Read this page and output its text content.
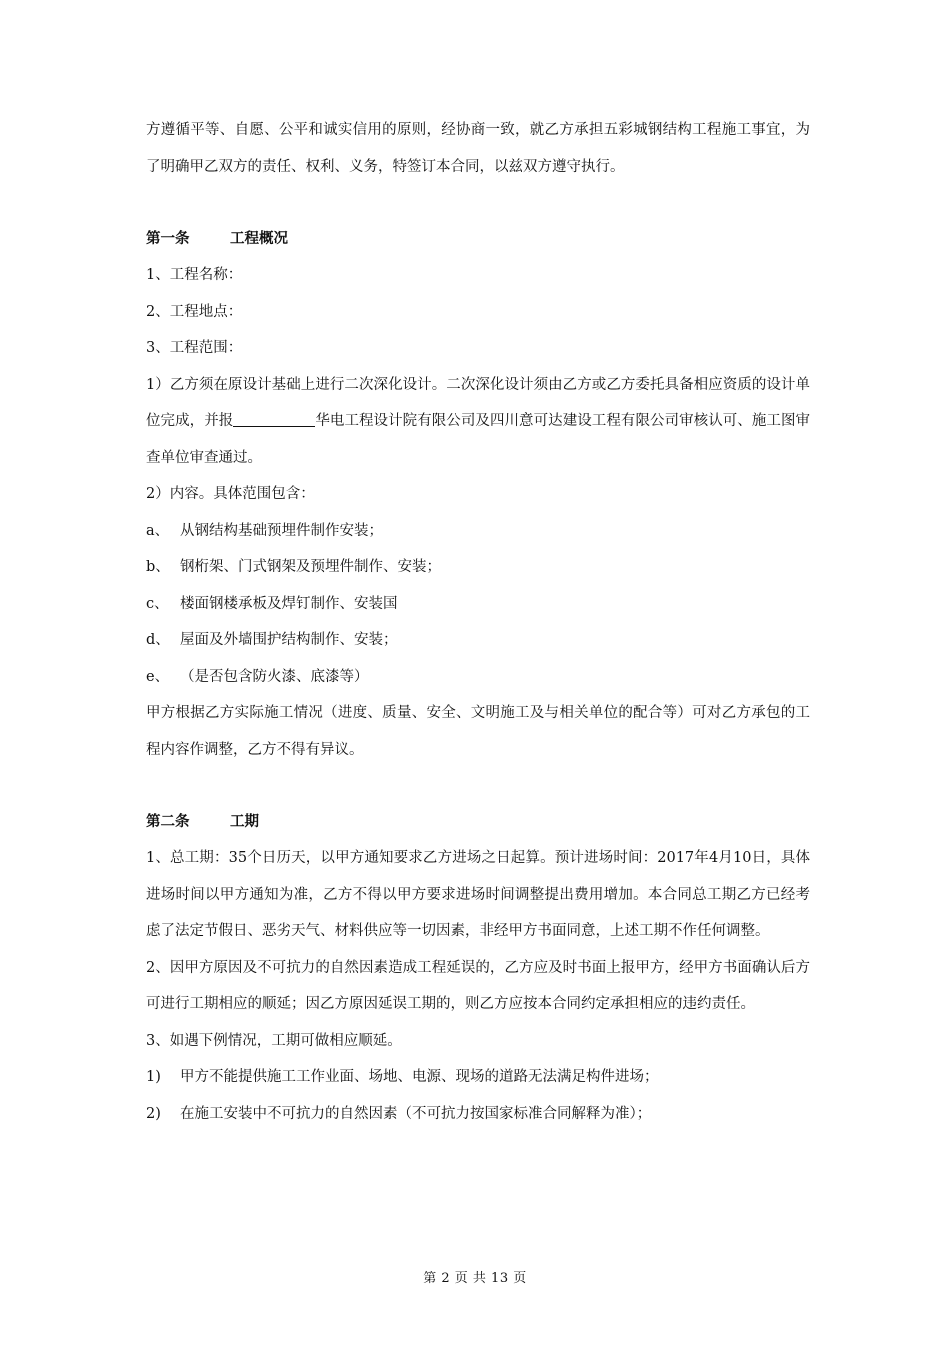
方遵循平等、自愿、公平和诚实信用的原则，经协商一致，就乙方承担五彩城钢结构工程施工事宜，为了明确甲乙双方的责任、权利、义务，特签订本合同，以兹双方遵守执行。

第一条	工程概况

1、工程名称：

2、工程地点：

3、工程范围：

1）乙方须在原设计基础上进行二次深化设计。二次深化设计须由乙方或乙方委托具备相应资质的设计单位完成，并报	华电工程设计院有限公司及四川意可达建设工程有限公司审核认可、施工图审查单位审查通过。

2）内容。具体范围包含：

a、 从钢结构基础预埋件制作安装；
b、 钢桁架、门式钢架及预埋件制作、安装；
c、 楼面钢楼承板及焊钉制作、安装国
d、 屋面及外墙围护结构制作、安装；
e、 （是否包含防火漆、底漆等）

甲方根据乙方实际施工情况（进度、质量、安全、文明施工及与相关单位的配合等）可对乙方承包的工程内容作调整，乙方不得有异议。

第二条	工期

1、总工期：35个日历天，以甲方通知要求乙方进场之日起算。预计进场时间：2017年4月10日，具体进场时间以甲方通知为准，乙方不得以甲方要求进场时间调整提出费用增加。本合同总工期乙方已经考虑了法定节假日、恶劣天气、材料供应等一切因素，非经甲方书面同意，上述工期不作任何调整。

2、因甲方原因及不可抗力的自然因素造成工程延误的，乙方应及时书面上报甲方，经甲方书面确认后方可进行工期相应的顺延；因乙方原因延误工期的，则乙方应按本合同约定承担相应的违约责任。

3、如遇下例情况，工期可做相应顺延。

1) 甲方不能提供施工工作业面、场地、电源、现场的道路无法满足构件进场；
2) 在施工安装中不可抗力的自然因素（不可抗力按国家标准合同解释为准）；
第 2 页 共 13 页
